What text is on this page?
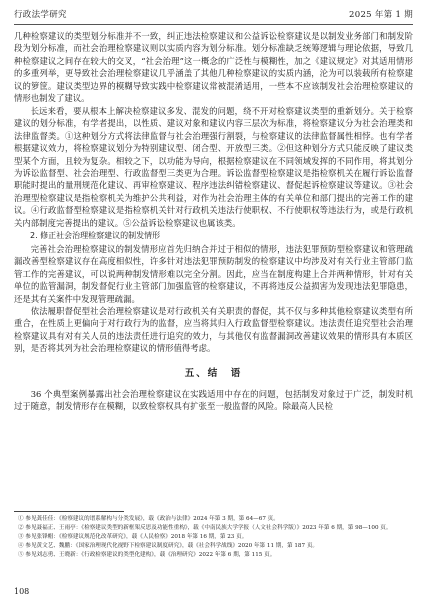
行政法学研究	2025 年第 1 期

几种检察建议的类型划分标准并不一致，纠正违法检察建议和公益诉讼检察建议是以制发业务部门和制发阶段为划分标准，而社会治理检察建议则以实质内容为划分标准。划分标准缺乏统筹逻辑与理论依据，导致几种检察建议之间存在较大的交叉，“社会治理”这一概念的广泛性与模糊性，加之《建议规定》对其适用情形的多重列举，更导致社会治理检察建议几乎涵盖了其他几种检察建议的实质内涵，沦为可以装载所有检察建议的箩筐。建议类型边界的模糊导致实践中检察建议常被混淆适用，一些本不应该制发社会治理检察建议的情形也制发了建议。

长远来看，要从根本上解决检察建议多发、混发的问题，绕不开对检察建议类型的重新划分。关于检察建议的划分标准，有学者提出，以性质、建议对象和建议内容三层次为标准，将检察建议分为社会治理类和法律监督类。①这种划分方式将法律监督与社会治理强行割裂，与检察建议的法律监督属性相悖。也有学者根据建议效力，将检察建议划分为特别建议型、闭合型、开放型三类。②但这种划分方式只能反映了建议类型某个方面，且较为复杂。相较之下，以功能为导向，根据检察建议在不同领域发挥的不同作用，将其划分为诉讼监督型、社会治理型、行政监督型三类更为合理。诉讼监督型检察建议是指检察机关在履行诉讼监督职能时提出的量刑规范化建议、再审检察建议、程序违法纠错检察建议、督促起诉检察建议等建议。③社会治理型检察建议是指检察机关为维护公共利益，对作为社会治理主体的有关单位和部门提出的完善工作的建议。④行政监督型检察建议是指检察机关针对行政机关违法行使职权、不行使职权等违法行为，或是行政机关内部制度完善提出的建议。⑤公益诉讼检察建议也属该类。

2. 修正社会治理检察建议的制发情形

完善社会治理检察建议的制发情形应首先归纳合并过于相似的情形，违法犯罪预防型检察建议和管理疏漏改善型检察建议存在高度相似性，许多针对违法犯罪预防制发的检察建议中均涉及对有关行业主管部门监管工作的完善建议，可以说两种制发情形难以完全分割。因此，应当在制度构建上合并两种情形，针对有关单位的监管漏洞，制发督促行业主管部门加强监管的检察建议，不再将违反公益损害为发现违法犯罪隐患，还是其有关案件中发现管理疏漏。

依法履职督促型社会治理检察建议是对行政机关有关职责的督促，其不仅与多种其他检察建议类型有所重合，在性质上更偏向于对行政行为的监督，应当将其归入行政监督型检察建议。违法责任追究型社会治理检察建议具有对有关人员的违法责任进行追究的效力，与其他仅有监督漏洞改善建议效果的情形具有本质区别，是否将其列为社会治理检察建议的情形值得考虑。

五、结　语

36 个典型案例暴露出社会治理检察建议在实践适用中存在的问题，包括制发对象过于广泛，制发时机过于随意，制发情形存在模糊，以致检察权具有扩张至一般监督的风险。除最高人民检

① 参见龚佳佳：《检察建议的谱系解构与分类发展》，载《政治与法律》2024 年第 3 期，第 64—67 页。
② 参见聂福正、王雨亭：《检察建议类型的新框架反思及功能性重构》，载《中南民族大学学报（人文社会科学版）》2023 年第 6 期，第 98—100 页。
③ 参见张锋帽：《检察建议规范化改革研究》，载《人民检察》2018 年第 16 期，第 23 页。
④ 参见黄文艺、魏鹏：《国家治理现代化视野下检察建议制度研究》，载《社会科学战线》2020 年第 11 期，第 187 页。
⑤ 参见刘志勇、王晓新：《行政检察建议的类型化建构》，载《治理研究》2022 年第 6 期，第 115 页。
108
